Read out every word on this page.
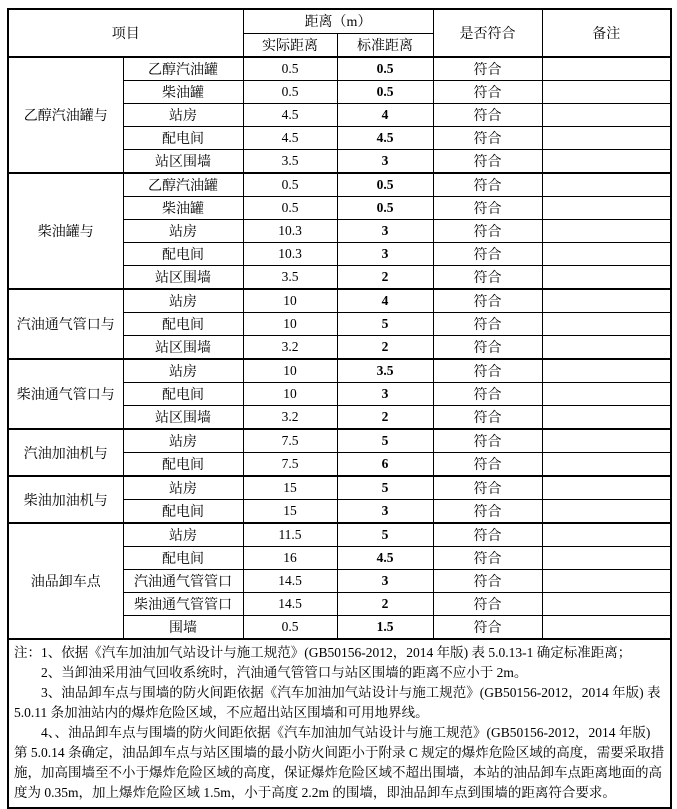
项目		距离（m）		是否符合	备注
		实际距离	标准距离		
乙醇汽油罐与	乙醇汽油罐	0.5	0.5	符合	
	柴油罐	0.5	0.5	符合	
	站房	4.5	4	符合	
	配电间	4.5	4.5	符合	
	站区围墙	3.5	3	符合	
柴油罐与	乙醇汽油罐	0.5	0.5	符合	
	柴油罐	0.5	0.5	符合	
	站房	10.3	3	符合	
	配电间	10.3	3	符合	
	站区围墙	3.5	2	符合	
汽油通气管口与	站房	10	4	符合	
	配电间	10	5	符合	
	站区围墙	3.2	2	符合	
柴油通气管口与	站房	10	3.5	符合	
	配电间	10	3	符合	
	站区围墙	3.2	2	符合	
汽油加油机与	站房	7.5	5	符合	
	配电间	7.5	6	符合	
柴油加油机与	站房	15	5	符合	
	配电间	15	3	符合	
油品卸车点	站房	11.5	5	符合	
	配电间	16	4.5	符合	
	汽油通气管管口	14.5	3	符合	
	柴油通气管管口	14.5	2	符合	
	围墙	0.5	1.5	符合	

注：1、依据《汽车加油加气站设计与施工规范》(GB50156-2012，2014 年版) 表 5.0.13-1 确定标准距离；

2、当卸油采用油气回收系统时，汽油通气管管口与站区围墙的距离不应小于 2m。

3、油品卸车点与围墙的防火间距依据《汽车加油加气站设计与施工规范》(GB50156-2012，2014 年版) 表 5.0.11 条加油站内的爆炸危险区域，不应超出站区围墙和可用地界线。

4、、油品卸车点与围墙的防火间距依据《汽车加油加气站设计与施工规范》(GB50156-2012，2014 年版) 第 5.0.14 条确定，油品卸车点与站区围墙的最小防火间距小于附录 C 规定的爆炸危险区域的高度，需要采取措施，加高围墙至不小于爆炸危险区域的高度，保证爆炸危险区域不超出围墙，本站的油品卸车点距离地面的高度为 0.35m，加上爆炸危险区域 1.5m，小于高度 2.2m 的围墙，即油品卸车点到围墙的距离符合要求。					
